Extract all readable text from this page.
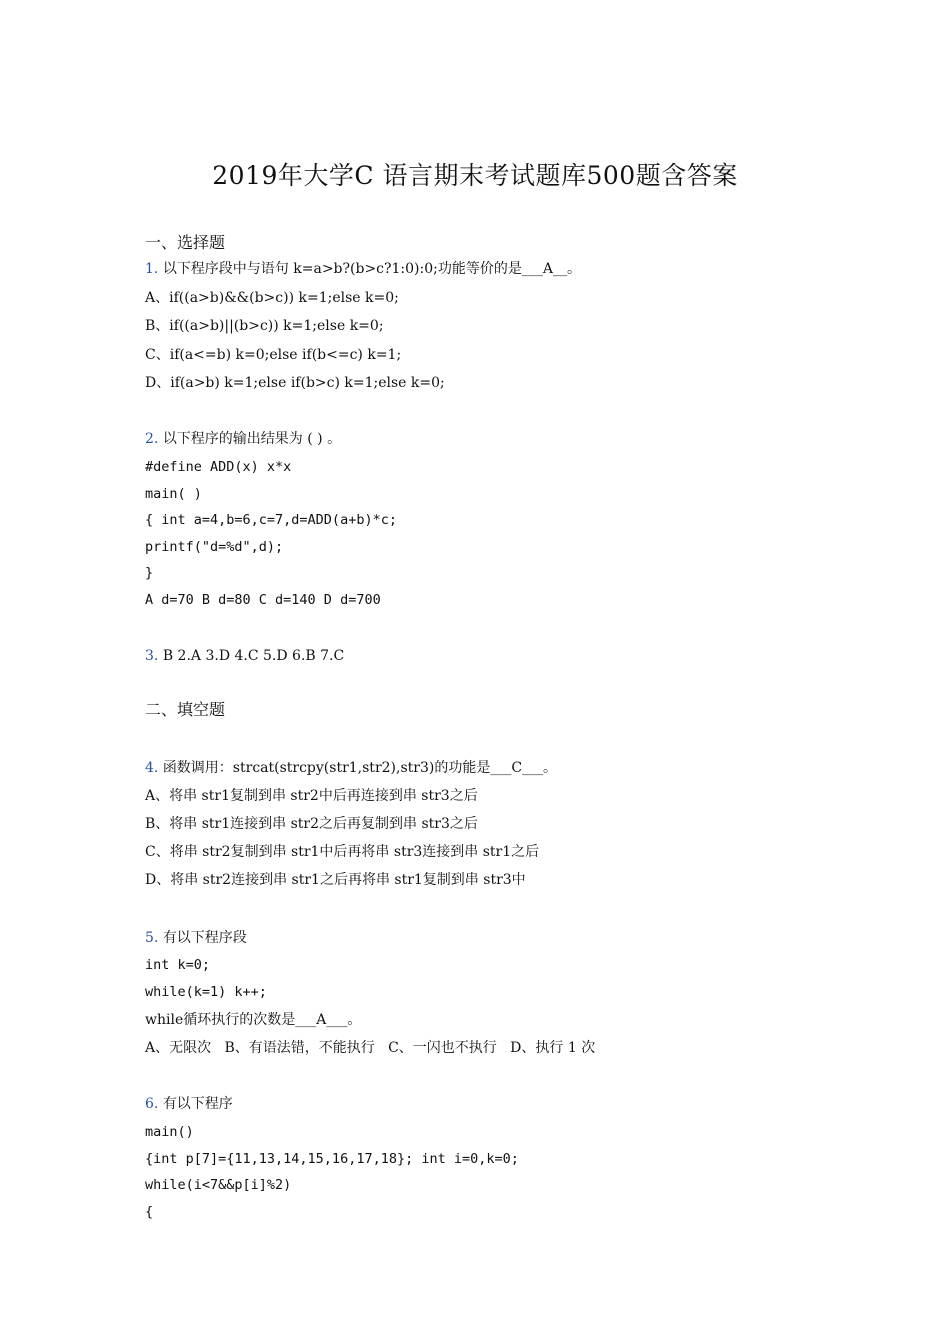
2019年大学C 语言期末考试题库500题含答案
一、选择题
1. 以下程序段中与语句 k=a>b?(b>c?1:0):0;功能等价的是___A__。
A、if((a>b)&&(b>c)) k=1;else k=0;
B、if((a>b)||(b>c)) k=1;else k=0;
C、if(a<=b) k=0;else if(b<=c) k=1;
D、if(a>b) k=1;else if(b>c) k=1;else k=0;
2. 以下程序的输出结果为 ( ) 。
#define ADD(x) x*x
main( )
{ int a=4,b=6,c=7,d=ADD(a+b)*c;
printf("d=%d",d);
}
A d=70 B d=80 C d=140 D d=700
3. B 2.A 3.D 4.C 5.D 6.B 7.C
二、填空题
4. 函数调用：strcat(strcpy(str1,str2),str3)的功能是___C___。
A、将串 str1复制到串 str2中后再连接到串 str3之后
B、将串 str1连接到串 str2之后再复制到串 str3之后
C、将串 str2复制到串 str1中后再将串 str3连接到串 str1之后
D、将串 str2连接到串 str1之后再将串 str1复制到串 str3中
5. 有以下程序段
int k=0;
while(k=1) k++;
while循环执行的次数是___A___。
A、无限次   B、有语法错，不能执行   C、一闪也不执行   D、执行 1 次
6. 有以下程序
main()
{int p[7]={11,13,14,15,16,17,18}; int i=0,k=0;
while(i<7&&p[i]%2)
{
